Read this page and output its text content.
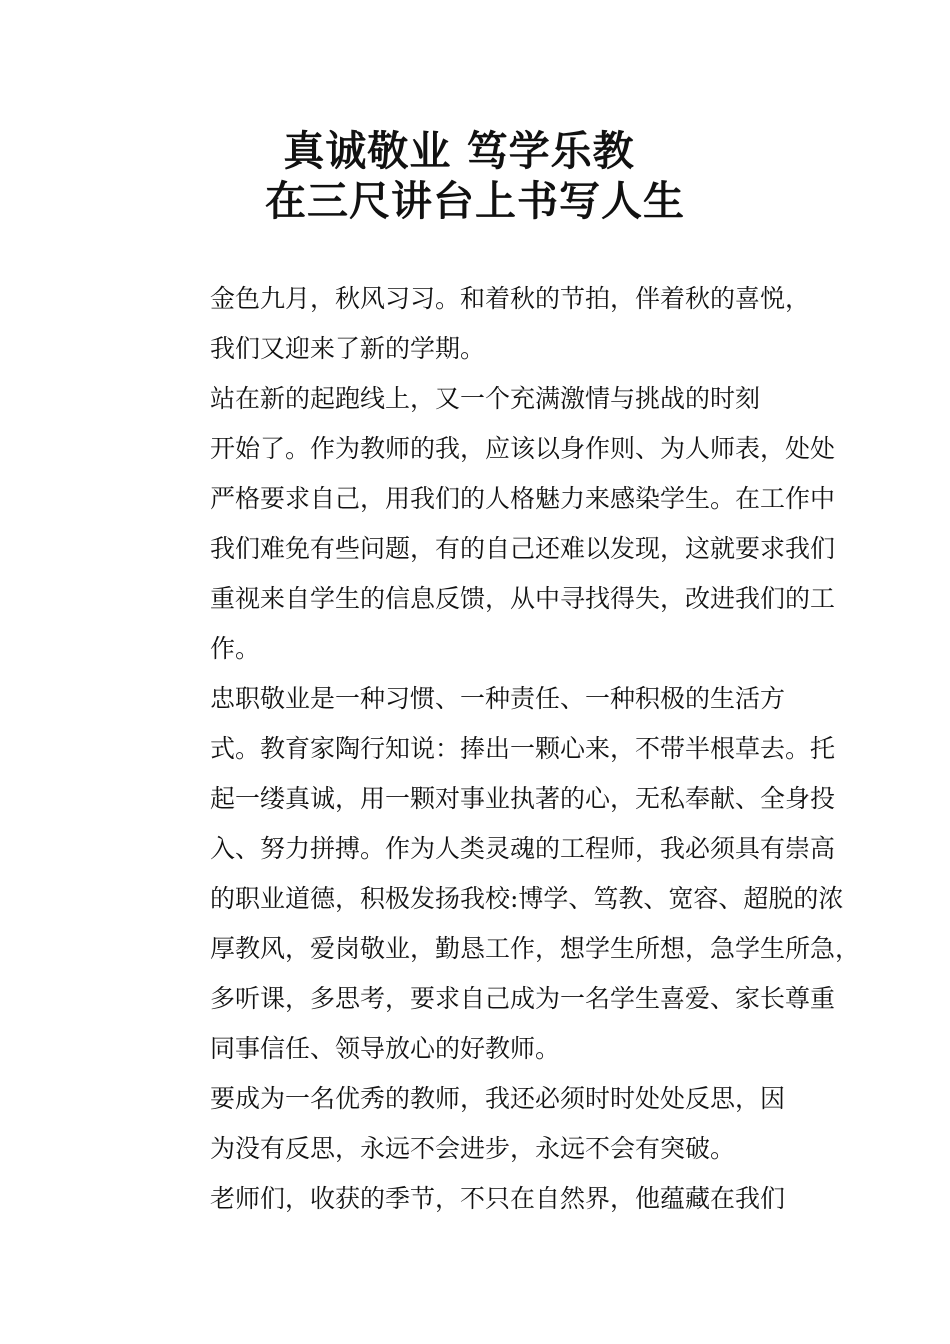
真诚敬业 笃学乐教
在三尺讲台上书写人生

金色九月，秋风习习。和着秋的节拍，伴着秋的喜悦，
我们又迎来了新的学期。

站在新的起跑线上，又一个充满激情与挑战的时刻
开始了。作为教师的我，应该以身作则、为人师表，处处
严格要求自己，用我们的人格魅力来感染学生。在工作中
我们难免有些问题，有的自己还难以发现，这就要求我们
重视来自学生的信息反馈，从中寻找得失，改进我们的工
作。

忠职敬业是一种习惯、一种责任、一种积极的生活方
式。教育家陶行知说：捧出一颗心来，不带半根草去。托
起一缕真诚，用一颗对事业执著的心，无私奉献、全身投
入、努力拼搏。作为人类灵魂的工程师，我必须具有崇高
的职业道德，积极发扬我校:博学、笃教、宽容、超脱的浓
厚教风，爱岗敬业，勤恳工作，想学生所想，急学生所急，
多听课，多思考，要求自己成为一名学生喜爱、家长尊重
同事信任、领导放心的好教师。

要成为一名优秀的教师，我还必须时时处处反思，因
为没有反思，永远不会进步，永远不会有突破。

老师们，收获的季节，不只在自然界，他蕴藏在我们
